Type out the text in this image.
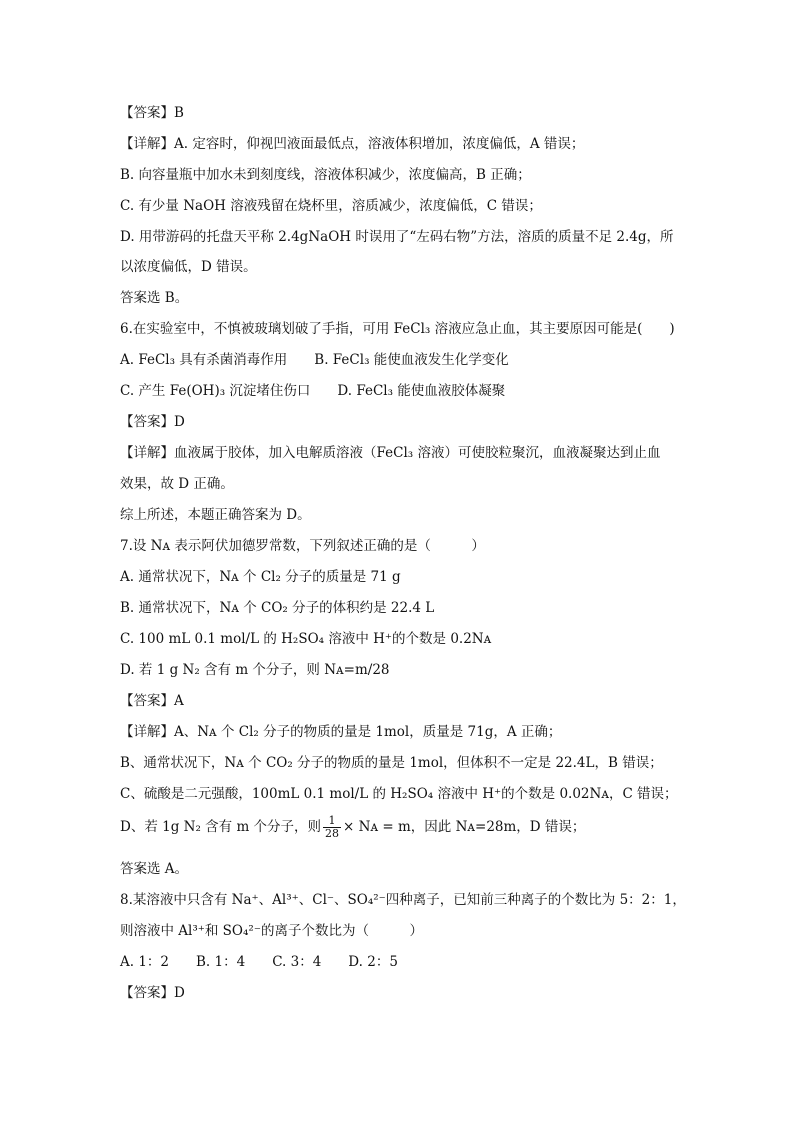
【答案】B
【详解】A. 定容时，仰视凹液面最低点，溶液体积增加，浓度偏低，A 错误；
B. 向容量瓶中加水未到刻度线，溶液体积减少，浓度偏高，B 正确；
C. 有少量 NaOH 溶液残留在烧杯里，溶质减少，浓度偏低，C 错误；
D. 用带游码的托盘天平称 2.4gNaOH 时误用了“左码右物”方法，溶质的质量不足 2.4g，所
以浓度偏低，D 错误。
答案选 B。
6.在实验室中，不慎被玻璃划破了手指，可用 FeCl₃ 溶液应急止血，其主要原因可能是(　　)
A. FeCl₃ 具有杀菌消毒作用　　B. FeCl₃ 能使血液发生化学变化
C. 产生 Fe(OH)₃ 沉淀堵住伤口　　D. FeCl₃ 能使血液胶体凝聚
【答案】D
【详解】血液属于胶体，加入电解质溶液（FeCl₃ 溶液）可使胶粒聚沉，血液凝聚达到止血
效果，故 D 正确。
综上所述，本题正确答案为 D。
7.设 Nᴀ 表示阿伏加德罗常数，下列叙述正确的是（　　　）
A. 通常状况下，Nᴀ 个 Cl₂ 分子的质量是 71 g
B. 通常状况下，Nᴀ 个 CO₂ 分子的体积约是 22.4 L
C. 100 mL 0.1 mol/L 的 H₂SO₄ 溶液中 H⁺的个数是 0.2Nᴀ
D. 若 1 g N₂ 含有 m 个分子，则 Nᴀ=m/28
【答案】A
【详解】A、Nᴀ 个 Cl₂ 分子的物质的量是 1mol，质量是 71g，A 正确；
B、通常状况下，Nᴀ 个 CO₂ 分子的物质的量是 1mol，但体积不一定是 22.4L，B 错误；
C、硫酸是二元强酸，100mL 0.1 mol/L 的 H₂SO₄ 溶液中 H⁺的个数是 0.02Nᴀ，C 错误；
D、若 1g N₂ 含有 m 个分子，则 $\frac{1}{28}$ × Nᴀ = m，因此 Nᴀ=28m，D 错误；
答案选 A。
8.某溶液中只含有 Na⁺、Al³⁺、Cl⁻、SO₄²⁻四种离子，已知前三种离子的个数比为 5：2：1，
则溶液中 Al³⁺和 SO₄²⁻的离子个数比为（　　　）
A. 1：2　　B. 1：4　　C. 3：4　　D. 2：5
【答案】D
